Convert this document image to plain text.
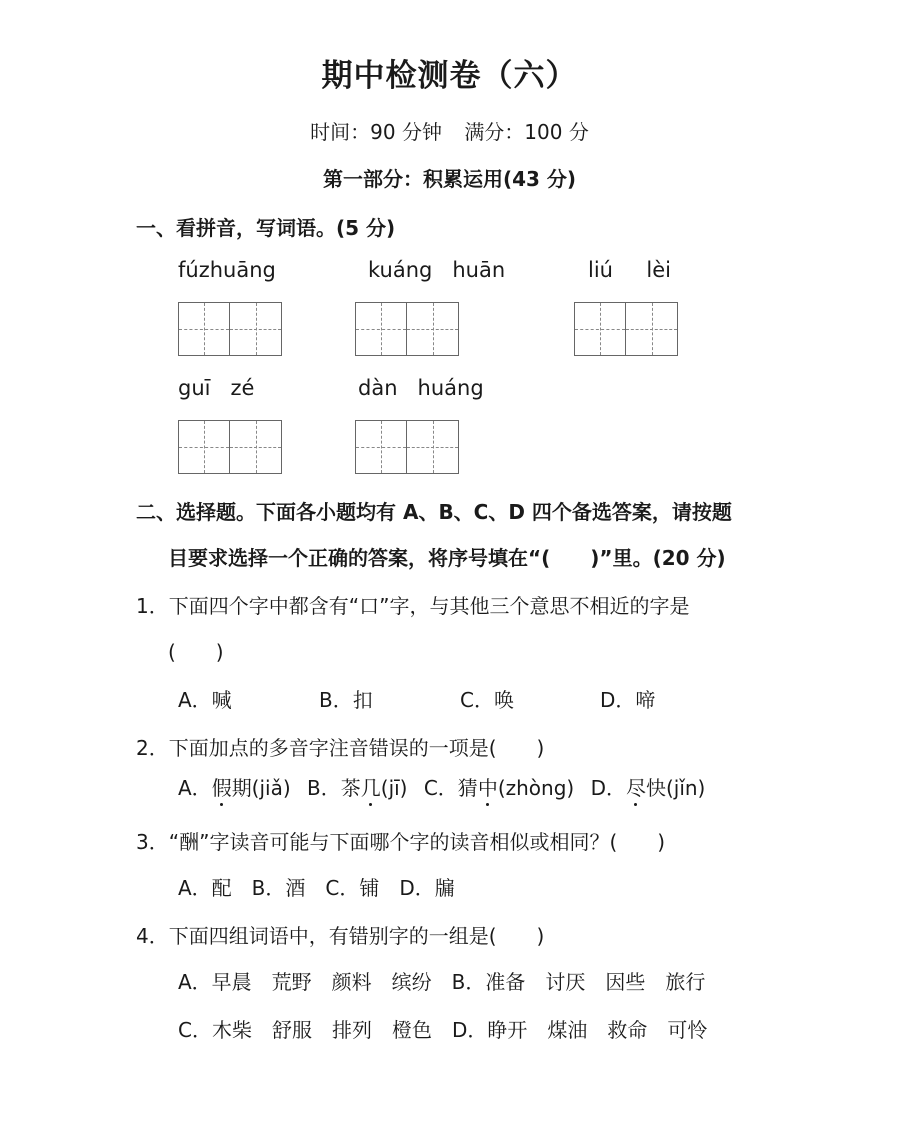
期中检测卷（六）
时间：90 分钟 满分：100 分
第一部分：积累运用(43 分)
一、看拼音，写词语。(5 分)
fúzhuāng	kuáng   huān	liú     lèi
guī   zé	dàn   huáng
二、选择题。下面各小题均有 A、B、C、D 四个备选答案，请按题
目要求选择一个正确的答案，将序号填在“(　　)”里。(20 分)
1．下面四个字中都含有“口”字，与其他三个意思不相近的字是
(　　)
A．喊	B．扣	C．唤	D．啼
2．下面加点的多音字注音错误的一项是(　　)
A．假期(jiǎ) B．茶几(jī) C．猜中(zhòng) D．尽快(jǐn)
3．“酬”字读音可能与下面哪个字的读音相似或相同？(　　)
A．配　B．酒　C．铺　D．牖
4．下面四组词语中，有错别字的一组是(　　)
A．早晨　荒野　颜料　缤纷　B．准备　讨厌　因些　旅行
C．木柴　舒服　排列　橙色　D．睁开　煤油　救命　可怜
